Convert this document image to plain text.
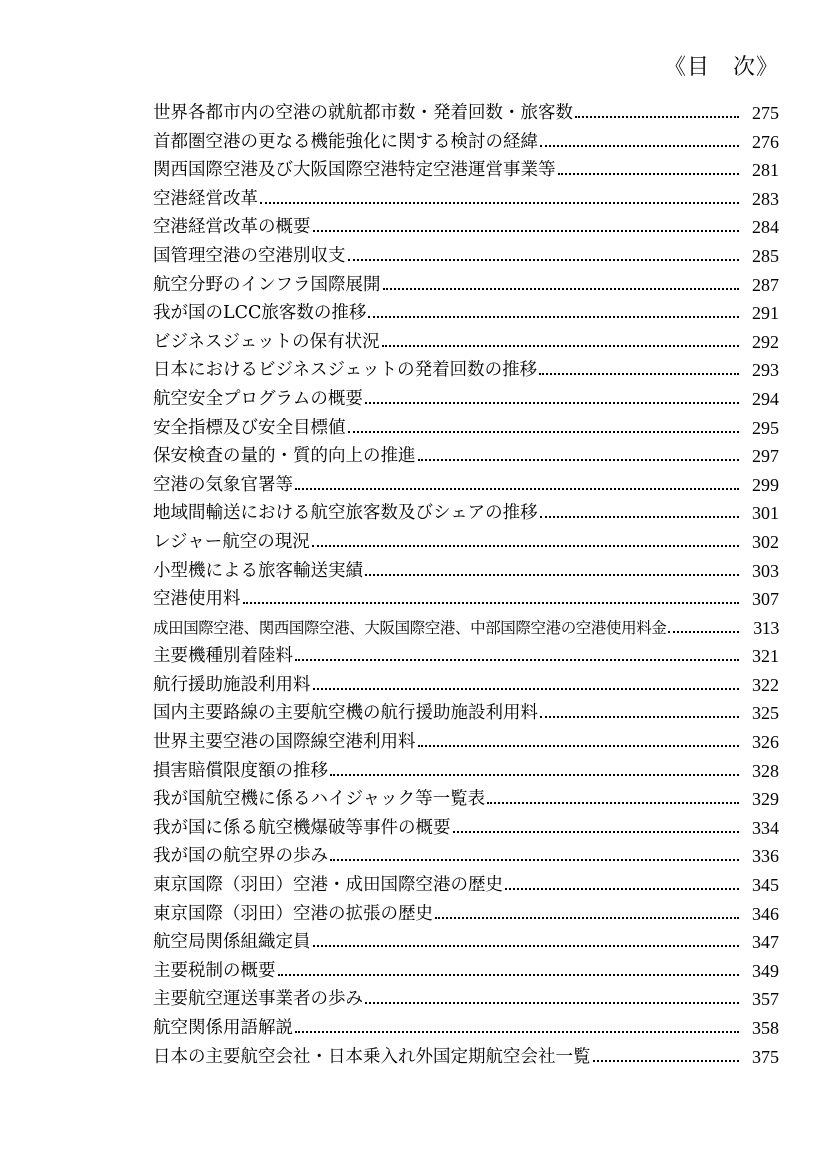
《目　次》
世界各都市内の空港の就航都市数・発着回数・旅客数	275
首都圏空港の更なる機能強化に関する検討の経緯	276
関西国際空港及び大阪国際空港特定空港運営事業等	281
空港経営改革	283
空港経営改革の概要	284
国管理空港の空港別収支	285
航空分野のインフラ国際展開	287
我が国のLCC旅客数の推移	291
ビジネスジェットの保有状況	292
日本におけるビジネスジェットの発着回数の推移	293
航空安全プログラムの概要	294
安全指標及び安全目標値	295
保安検査の量的・質的向上の推進	297
空港の気象官署等	299
地域間輸送における航空旅客数及びシェアの推移	301
レジャー航空の現況	302
小型機による旅客輸送実績	303
空港使用料	307
成田国際空港、関西国際空港、大阪国際空港、中部国際空港の空港使用料金	313
主要機種別着陸料	321
航行援助施設利用料	322
国内主要路線の主要航空機の航行援助施設利用料	325
世界主要空港の国際線空港利用料	326
損害賠償限度額の推移	328
我が国航空機に係るハイジャック等一覧表	329
我が国に係る航空機爆破等事件の概要	334
我が国の航空界の歩み	336
東京国際（羽田）空港・成田国際空港の歴史	345
東京国際（羽田）空港の拡張の歴史	346
航空局関係組織定員	347
主要税制の概要	349
主要航空運送事業者の歩み	357
航空関係用語解説	358
日本の主要航空会社・日本乗入れ外国定期航空会社一覧	375
